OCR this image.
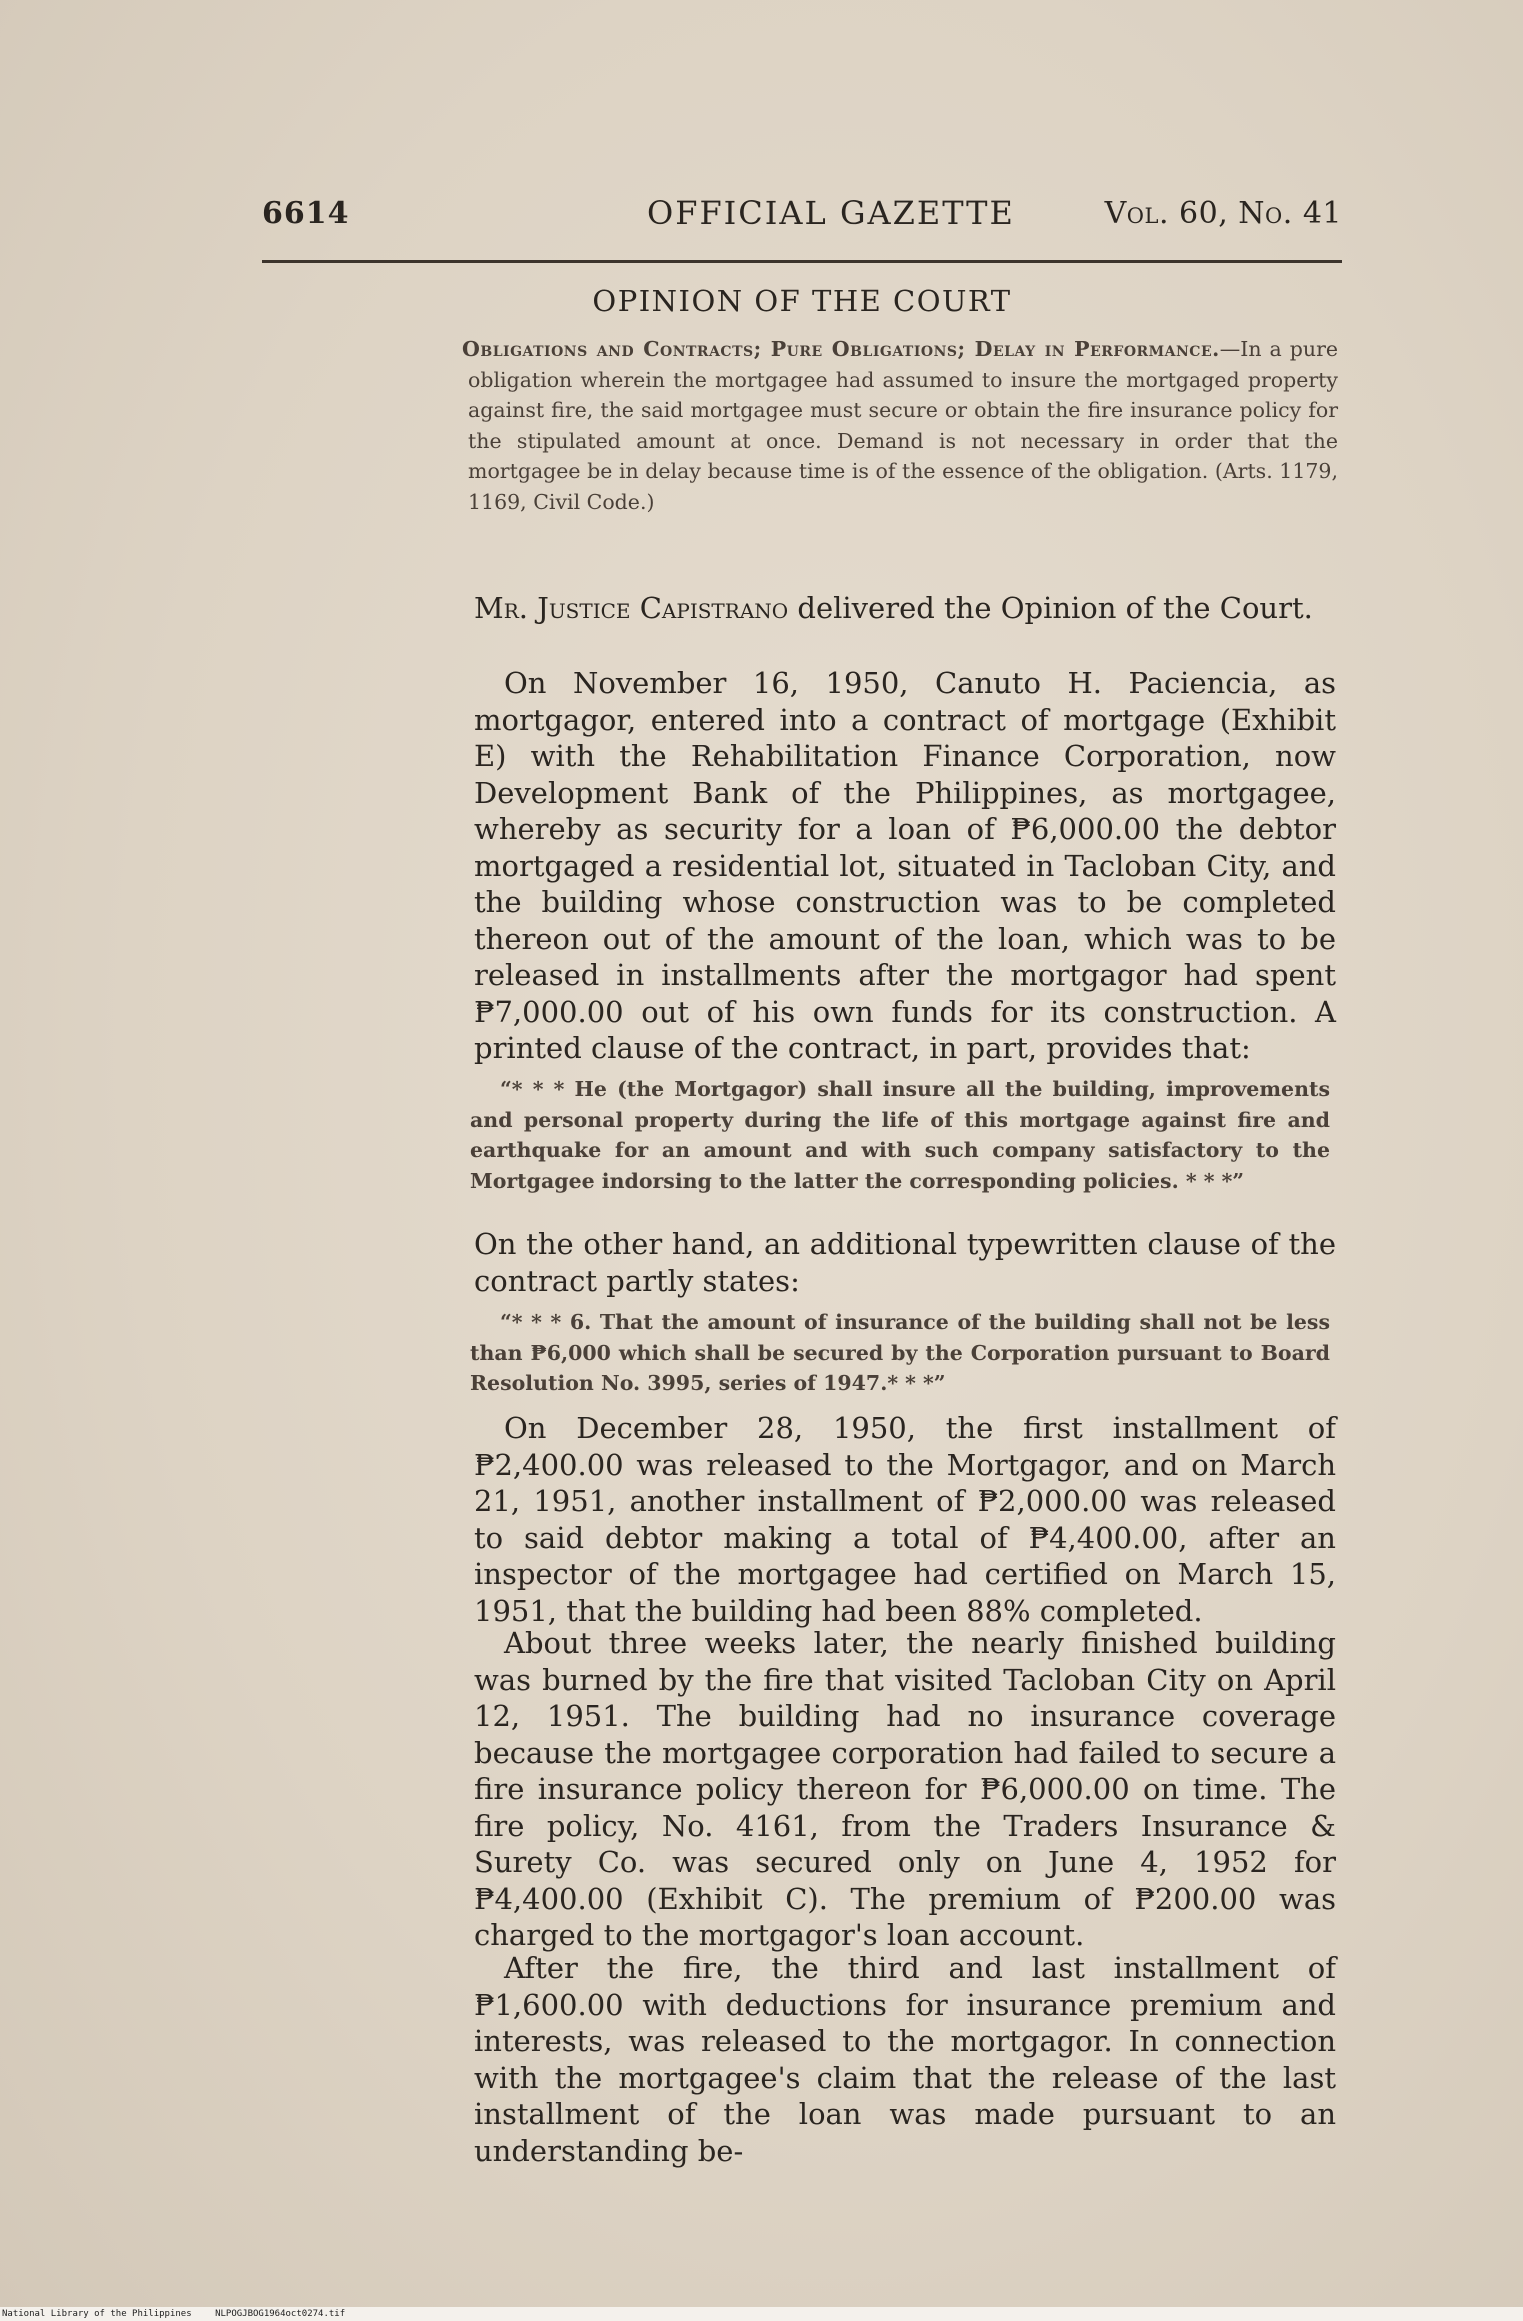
6614	OFFICIAL GAZETTE	Vol. 60, No. 41
OPINION OF THE COURT
Obligations and Contracts; Pure Obligations; Delay in Performance.—In a pure obligation wherein the mortgagee had assumed to insure the mortgaged property against fire, the said mortgagee must secure or obtain the fire insurance policy for the stipulated amount at once. Demand is not necessary in order that the mortgagee be in delay because time is of the essence of the obligation. (Arts. 1179, 1169, Civil Code.)
Mr. Justice Capistrano delivered the Opinion of the Court.
On November 16, 1950, Canuto H. Paciencia, as mortgagor, entered into a contract of mortgage (Exhibit E) with the Rehabilitation Finance Corporation, now Development Bank of the Philippines, as mortgagee, whereby as security for a loan of ₱6,000.00 the debtor mortgaged a residential lot, situated in Tacloban City, and the building whose construction was to be completed thereon out of the amount of the loan, which was to be released in installments after the mortgagor had spent ₱7,000.00 out of his own funds for its construction. A printed clause of the contract, in part, provides that:
“* * * He (the Mortgagor) shall insure all the building, improvements and personal property during the life of this mortgage against fire and earthquake for an amount and with such company satisfactory to the Mortgagee indorsing to the latter the corresponding policies. * * *”
On the other hand, an additional typewritten clause of the contract partly states:
“* * * 6. That the amount of insurance of the building shall not be less than ₱6,000 which shall be secured by the Corporation pursuant to Board Resolution No. 3995, series of 1947.* * *”
On December 28, 1950, the first installment of ₱2,400.00 was released to the Mortgagor, and on March 21, 1951, another installment of ₱2,000.00 was released to said debtor making a total of ₱4,400.00, after an inspector of the mortgagee had certified on March 15, 1951, that the building had been 88% completed.
About three weeks later, the nearly finished building was burned by the fire that visited Tacloban City on April 12, 1951. The building had no insurance coverage because the mortgagee corporation had failed to secure a fire insurance policy thereon for ₱6,000.00 on time. The fire policy, No. 4161, from the Traders Insurance & Surety Co. was secured only on June 4, 1952 for ₱4,400.00 (Exhibit C). The premium of ₱200.00 was charged to the mortgagor's loan account.
After the fire, the third and last installment of ₱1,600.00 with deductions for insurance premium and interests, was released to the mortgagor. In connection with the mortgagee's claim that the release of the last installment of the loan was made pursuant to an understanding be-
National Library of the Philippines	NLPOGJBOG1964oct0274.tif
